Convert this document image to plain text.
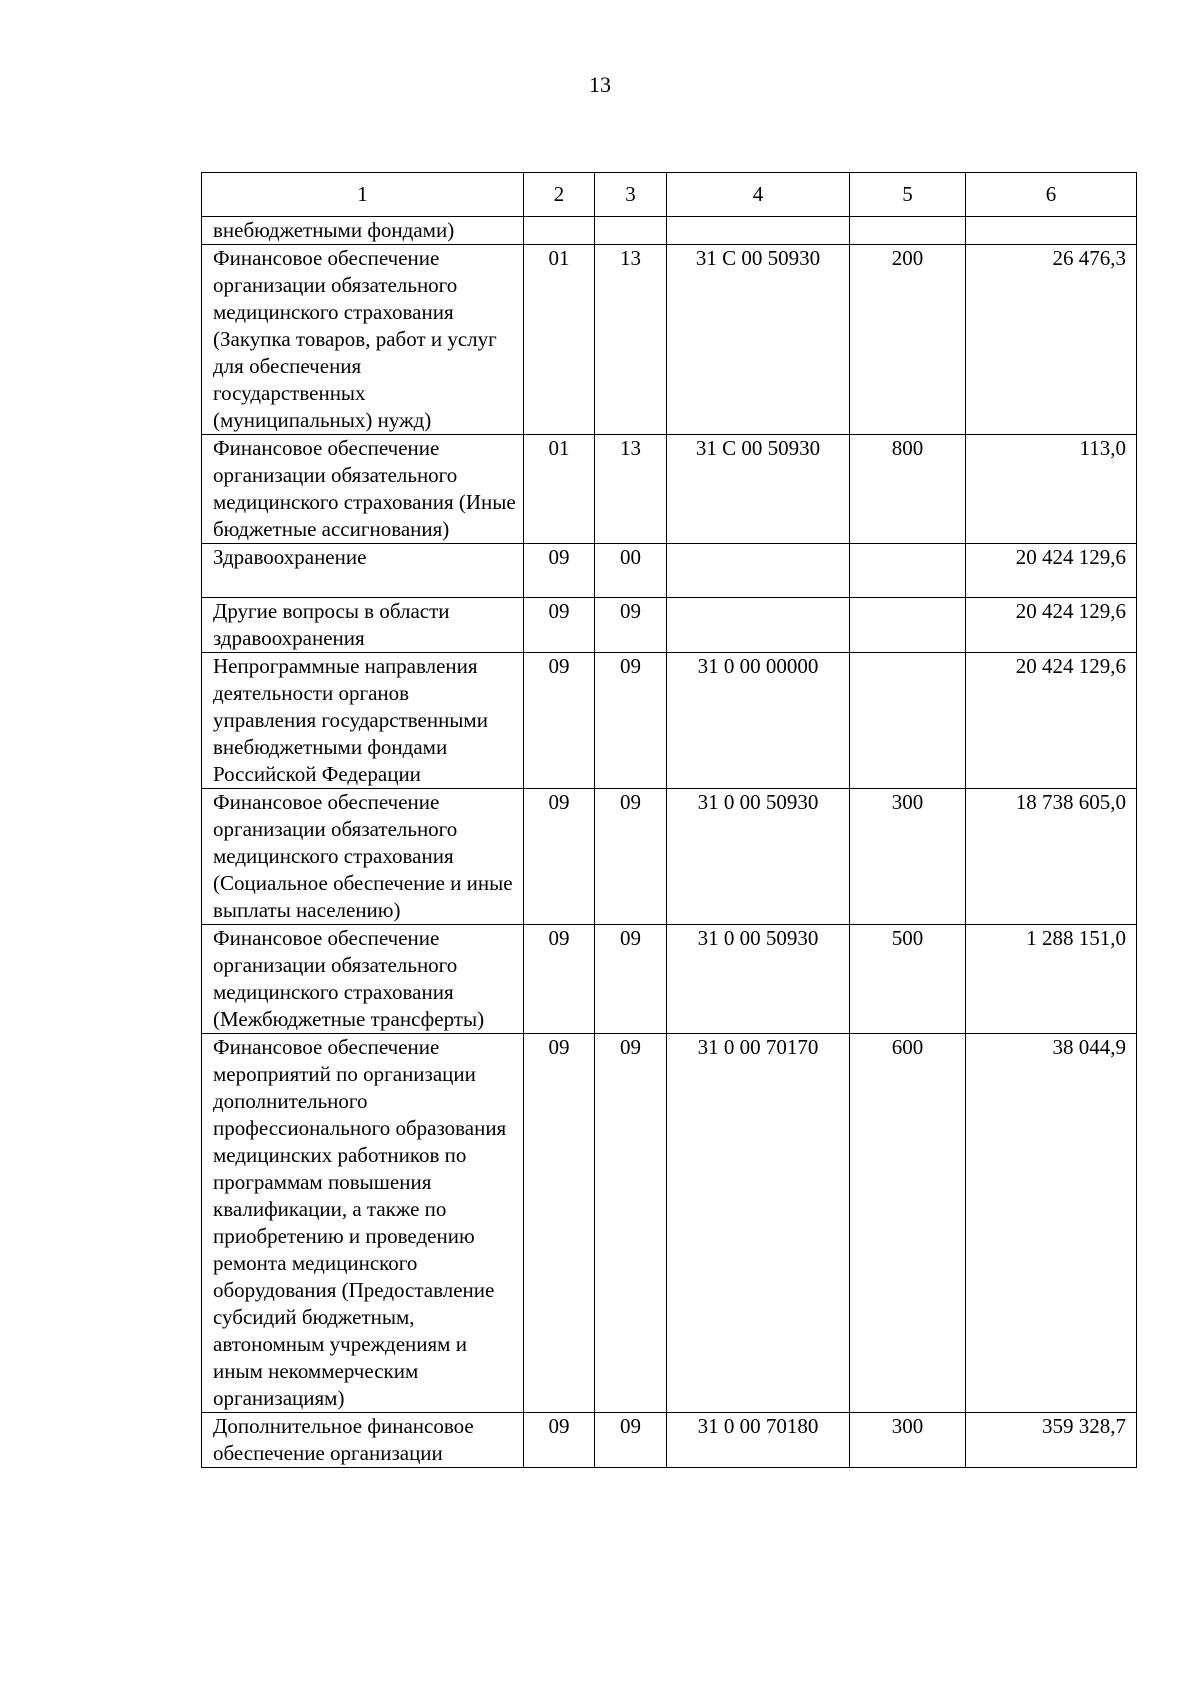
13
1	2	3	4	5	6
внебюджетными фондами)					
Финансовое обеспечение организации обязательного медицинского страхования (Закупка товаров, работ и услуг для обеспечения государственных (муниципальных) нужд)	01	13	31 С 00 50930	200	26 476,3
Финансовое обеспечение организации обязательного медицинского страхования (Иные бюджетные ассигнования)	01	13	31 С 00 50930	800	113,0
Здравоохранение	09	00			20 424 129,6
Другие вопросы в области здравоохранения	09	09			20 424 129,6
Непрограммные направления деятельности органов управления государственными внебюджетными фондами Российской Федерации	09	09	31 0 00 00000		20 424 129,6
Финансовое обеспечение организации обязательного медицинского страхования (Социальное обеспечение и иные выплаты населению)	09	09	31 0 00 50930	300	18 738 605,0
Финансовое обеспечение организации обязательного медицинского страхования (Межбюджетные трансферты)	09	09	31 0 00 50930	500	1 288 151,0
Финансовое обеспечение мероприятий по организации дополнительного профессионального образования медицинских работников по программам повышения квалификации, а также по приобретению и проведению ремонта медицинского оборудования (Предоставление субсидий бюджетным, автономным учреждениям и иным некоммерческим организациям)	09	09	31 0 00 70170	600	38 044,9
Дополнительное финансовое обеспечение организации	09	09	31 0 00 70180	300	359 328,7
